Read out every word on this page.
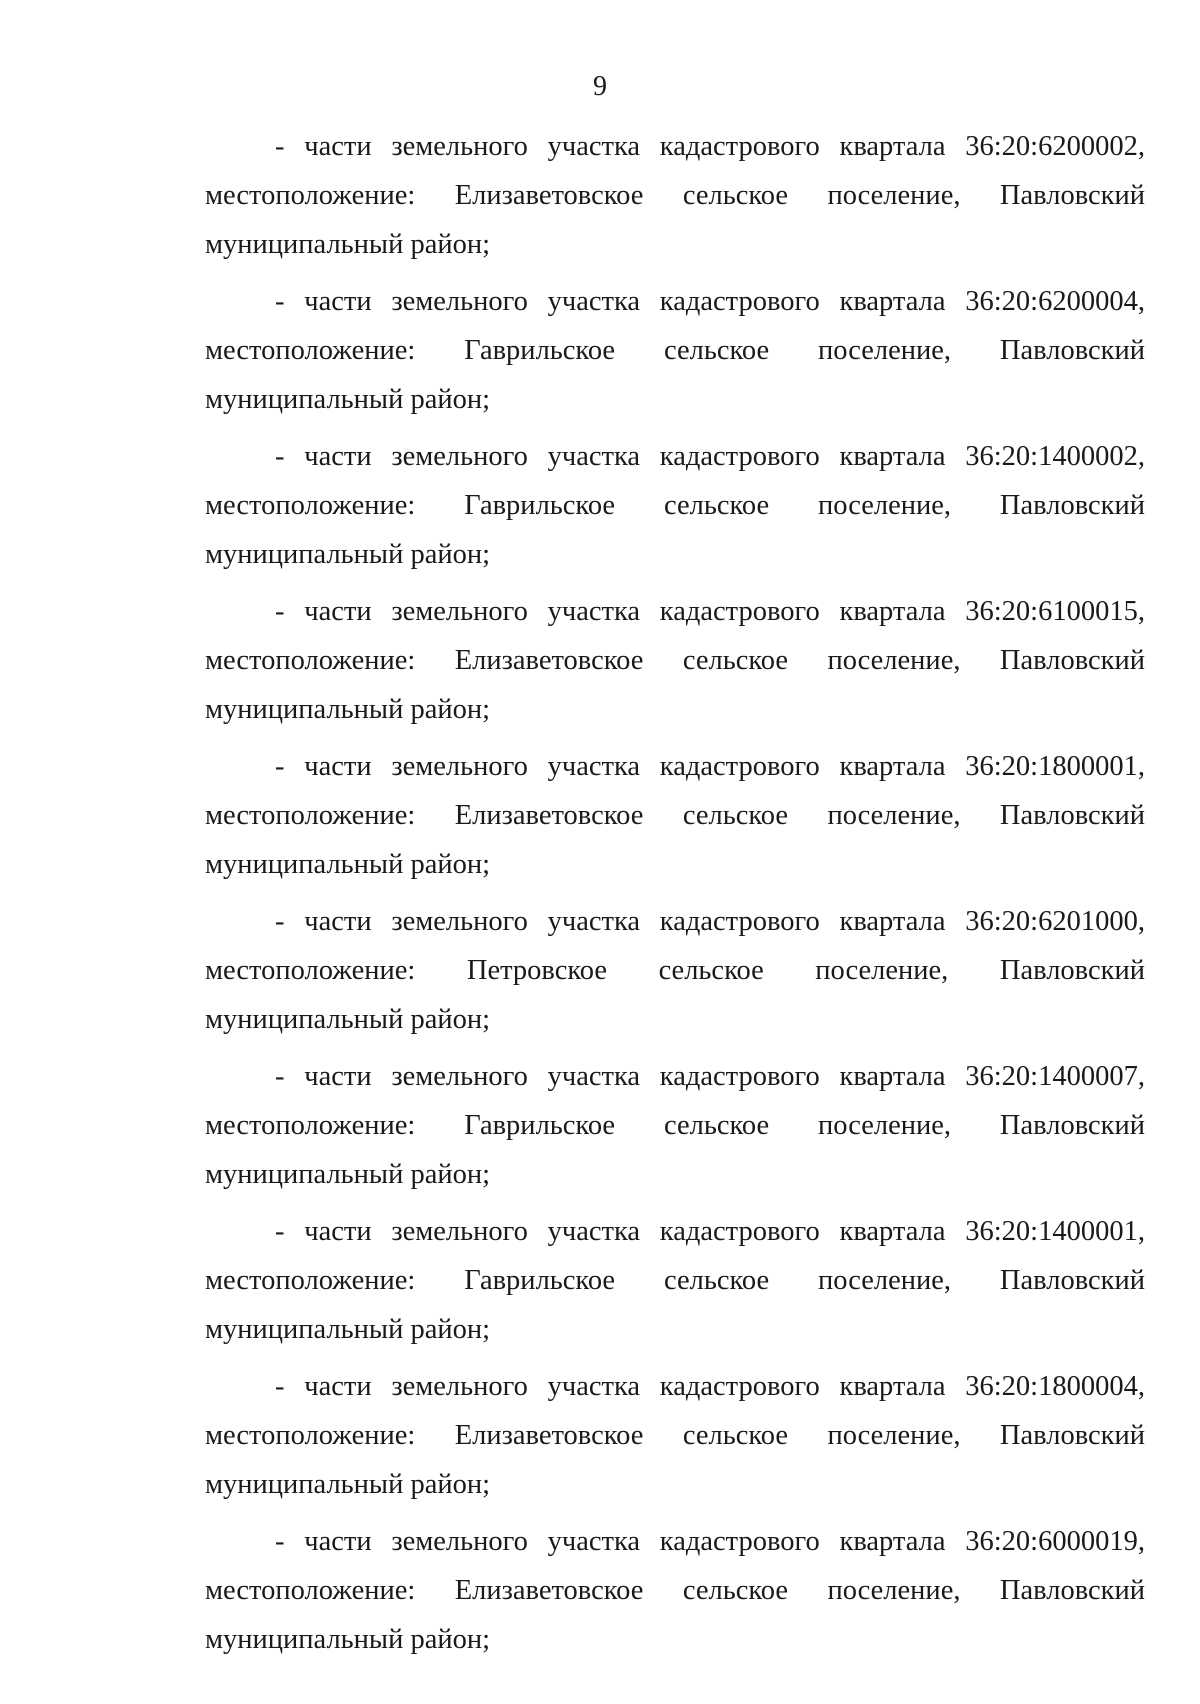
9
- части земельного участка кадастрового квартала 36:20:6200002,
местоположение: Елизаветовское сельское поселение, Павловский
муниципальный район;
- части земельного участка кадастрового квартала 36:20:6200004,
местоположение: Гаврильское сельское поселение, Павловский
муниципальный район;
- части земельного участка кадастрового квартала 36:20:1400002,
местоположение: Гаврильское сельское поселение, Павловский
муниципальный район;
- части земельного участка кадастрового квартала 36:20:6100015,
местоположение: Елизаветовское сельское поселение, Павловский
муниципальный район;
- части земельного участка кадастрового квартала 36:20:1800001,
местоположение: Елизаветовское сельское поселение, Павловский
муниципальный район;
- части земельного участка кадастрового квартала 36:20:6201000,
местоположение: Петровское сельское поселение, Павловский
муниципальный район;
- части земельного участка кадастрового квартала 36:20:1400007,
местоположение: Гаврильское сельское поселение, Павловский
муниципальный район;
- части земельного участка кадастрового квартала 36:20:1400001,
местоположение: Гаврильское сельское поселение, Павловский
муниципальный район;
- части земельного участка кадастрового квартала 36:20:1800004,
местоположение: Елизаветовское сельское поселение, Павловский
муниципальный район;
- части земельного участка кадастрового квартала 36:20:6000019,
местоположение: Елизаветовское сельское поселение, Павловский
муниципальный район;
